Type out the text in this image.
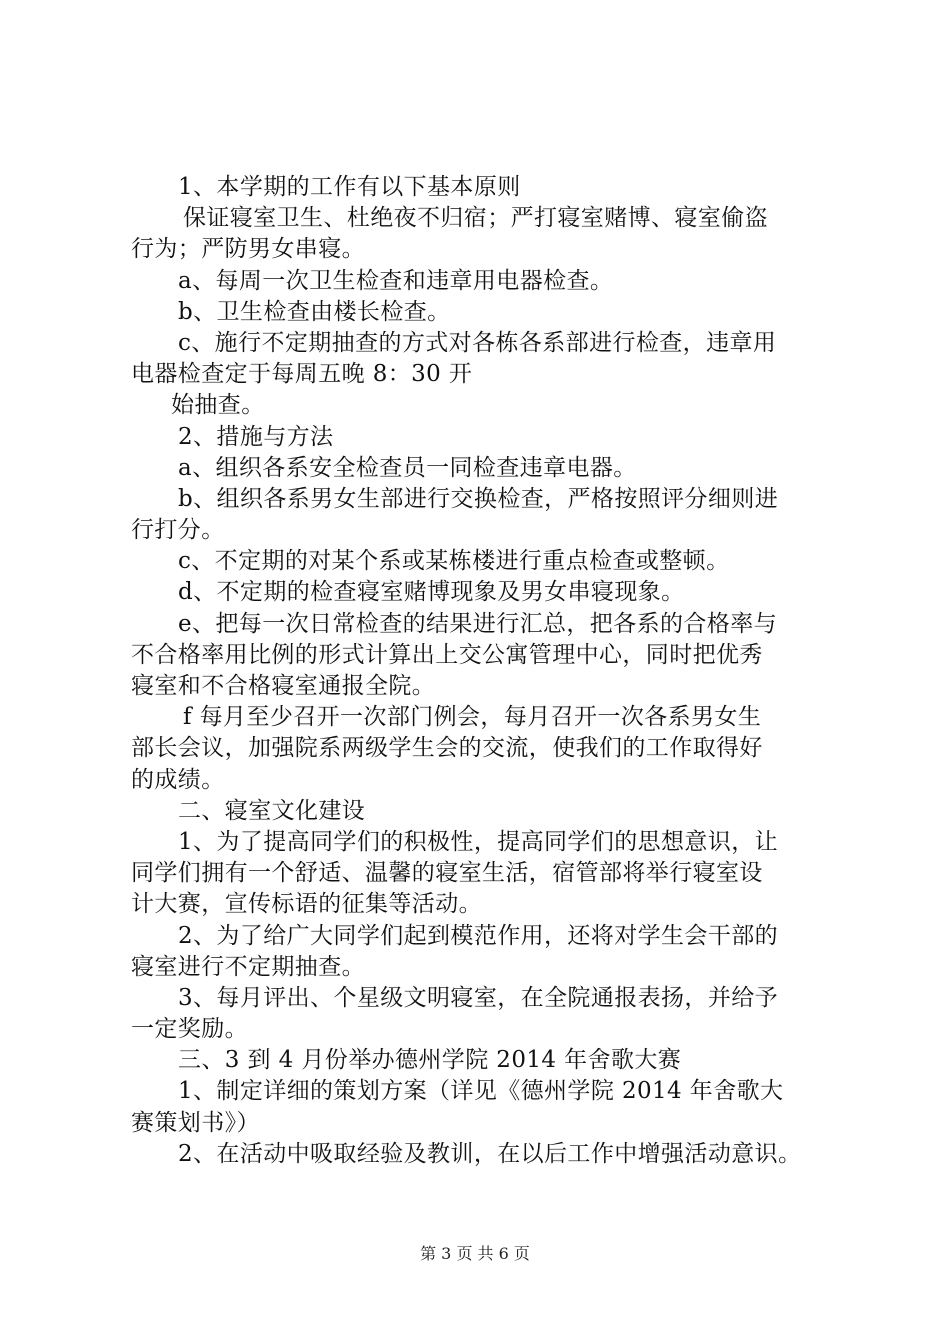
1、本学期的工作有以下基本原则
保证寝室卫生、杜绝夜不归宿；严打寝室赌博、寝室偷盗
行为；严防男女串寝。
a、每周一次卫生检查和违章用电器检查。
b、卫生检查由楼长检查。
c、施行不定期抽查的方式对各栋各系部进行检查，违章用
电器检查定于每周五晚 8：30 开
始抽查。
2、措施与方法
a、组织各系安全检查员一同检查违章电器。
b、组织各系男女生部进行交换检查，严格按照评分细则进
行打分。
c、不定期的对某个系或某栋楼进行重点检查或整顿。
d、不定期的检查寝室赌博现象及男女串寝现象。
e、把每一次日常检查的结果进行汇总，把各系的合格率与
不合格率用比例的形式计算出上交公寓管理中心，同时把优秀
寝室和不合格寝室通报全院。
f 每月至少召开一次部门例会，每月召开一次各系男女生
部长会议，加强院系两级学生会的交流，使我们的工作取得好
的成绩。
二、寝室文化建设
1、为了提高同学们的积极性，提高同学们的思想意识，让
同学们拥有一个舒适、温馨的寝室生活，宿管部将举行寝室设
计大赛，宣传标语的征集等活动。
2、为了给广大同学们起到模范作用，还将对学生会干部的
寝室进行不定期抽查。
3、每月评出、个星级文明寝室，在全院通报表扬，并给予
一定奖励。
三、3 到 4 月份举办德州学院 2014 年舍歌大赛
1、制定详细的策划方案（详见《德州学院 2014 年舍歌大
赛策划书》）
2、在活动中吸取经验及教训，在以后工作中增强活动意识。
第 3 页 共 6 页
